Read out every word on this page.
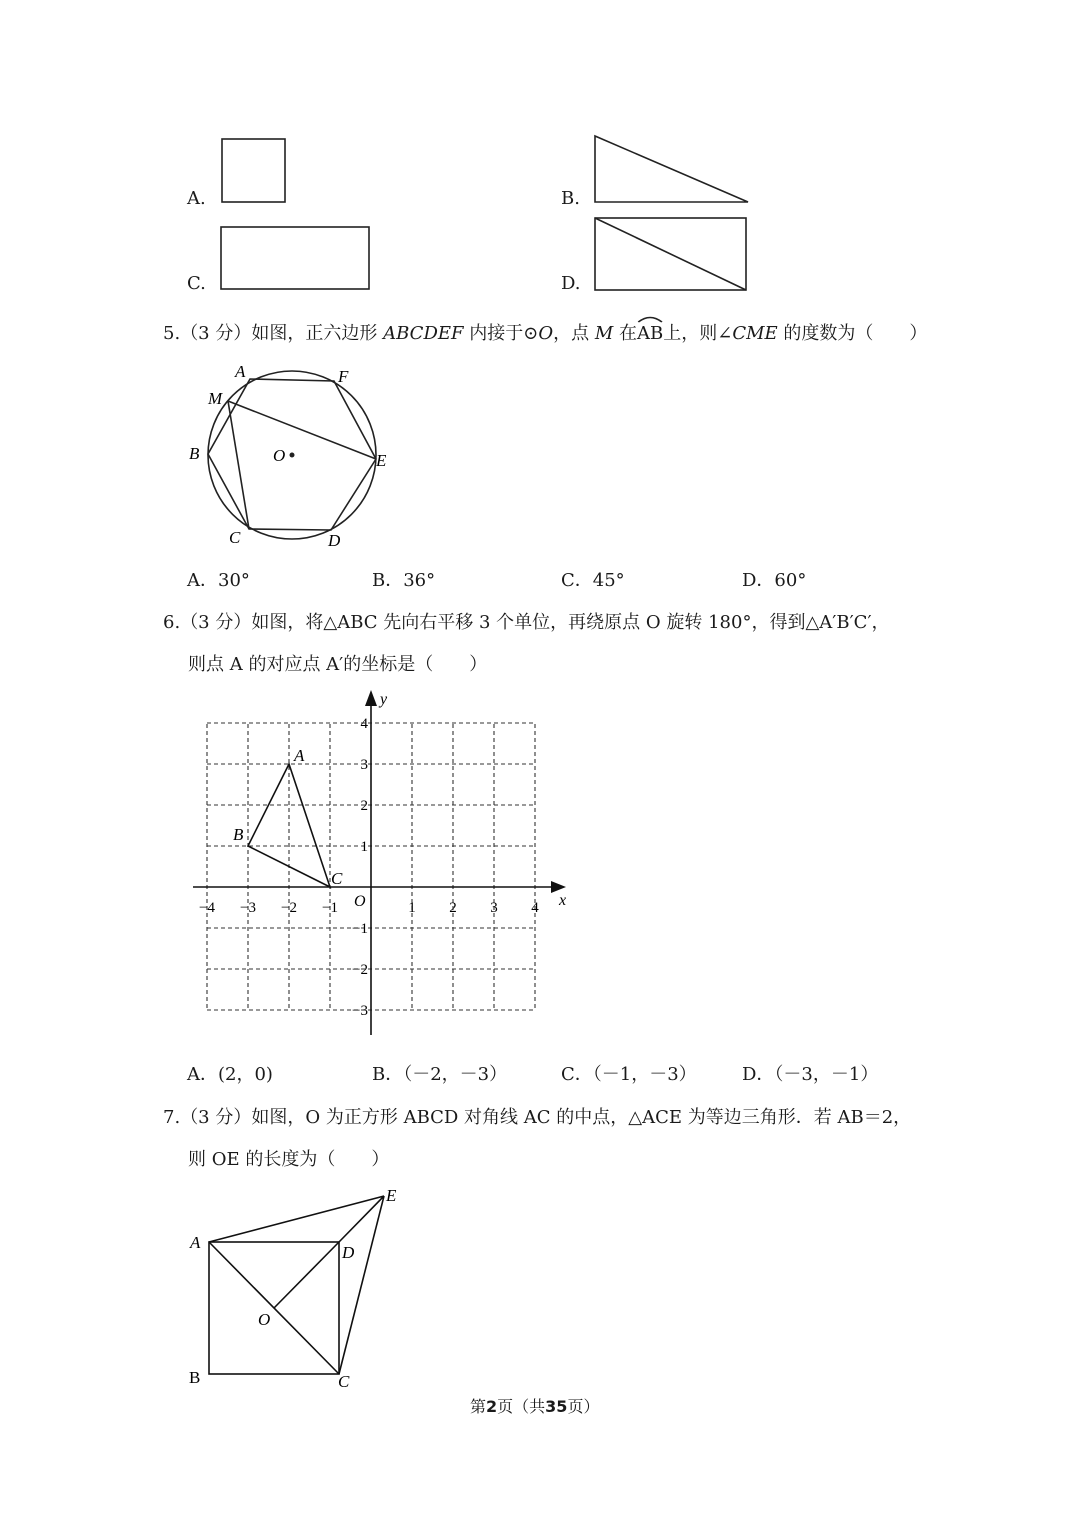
A.	B.
C.	D.
5.（3 分）如图，正六边形 ABCDEF 内接于⊙O，点 M 在
AB上，则∠CME 的度数为（　　）
A	F
M
B	O	E
C	D
A．30°	B．36°	C．45°	D．60°
6.（3 分）如图，将△ABC 先向右平移 3 个单位，再绕原点 O 旋转 180°，得到△A′B′C′，
则点 A 的对应点 A′的坐标是（　　）
x
y
O
−4 −3 −2 −1	1 2 3 4
4
3
2
1
−1
−2
−3
A
B
C
A．(2，0)	B．（－2，－3）	C．（－1，－3）	D．（－3，－1）
7.（3 分）如图，O 为正方形 ABCD 对角线 AC 的中点，△ACE 为等边三角形．若 AB＝2，
则 OE 的长度为（　　）
A
E
D
O
B	C
第2页（共35页）
